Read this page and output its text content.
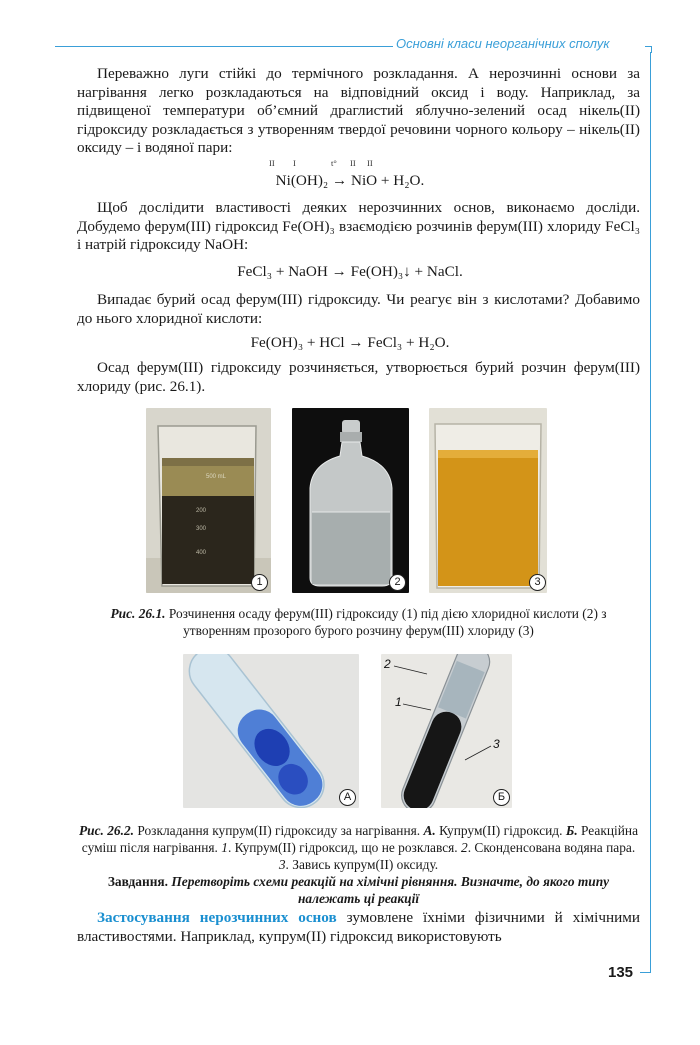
Основні класи неорганічних сполук

Переважно луги стійкі до термічного розкладання. А нерозчинні основи за нагрівання легко розкладаються на відповідний оксид і воду. Наприклад, за підвищеної температури об’ємний драглистий яблучно-зелений осад нікель(ІІ) гідроксиду розкладається з утворенням твердої речовини чорного кольору – нікель(ІІ) оксиду – і водяної пари:

II I	t° II II
Ni(OH)₂ → NiO + H₂O.

Щоб дослідити властивості деяких нерозчинних основ, виконаємо досліди. Добудемо ферум(ІІІ) гідроксид Fe(OH)₃ взаємодією розчинів ферум(ІІІ) хлориду FeCl₃ і натрій гідроксиду NaOH:

FeCl₃ + NaOH → Fe(OH)₃↓ + NaCl.

Випадає бурий осад ферум(ІІІ) гідроксиду. Чи реагує він з кислотами? Добавимо до нього хлоридної кислоти:

Fe(OH)₃ + HCl → FeCl₃ + H₂O.

Осад ферум(ІІІ) гідроксиду розчиняється, утворюється бурий розчин ферум(ІІІ) хлориду (рис. 26.1).

500 mL
200
300
400
1	2	3
Рис. 26.1. Розчинення осаду ферум(ІІІ) гідроксиду (1) під дією хлоридної кислоти (2) з утворенням прозорого бурого розчину ферум(ІІІ) хлориду (3)
А
2
1
3
Б
Рис. 26.2. Розкладання купрум(ІІ) гідроксиду за нагрівання. А. Купрум(ІІ) гідроксид. Б. Реакційна суміш після нагрівання. 1. Купрум(ІІ) гідроксид, що не розклався. 2. Сконденсована водяна пара. 3. Завись купрум(ІІ) оксиду.
Завдання. Перетворіть схеми реакцій на хімічні рівняння. Визначте, до якого типу належать ці реакції

Застосування нерозчинних основ зумовлене їхніми фізичними й хімічними властивостями. Наприклад, купрум(ІІ) гідроксид використовують

135
